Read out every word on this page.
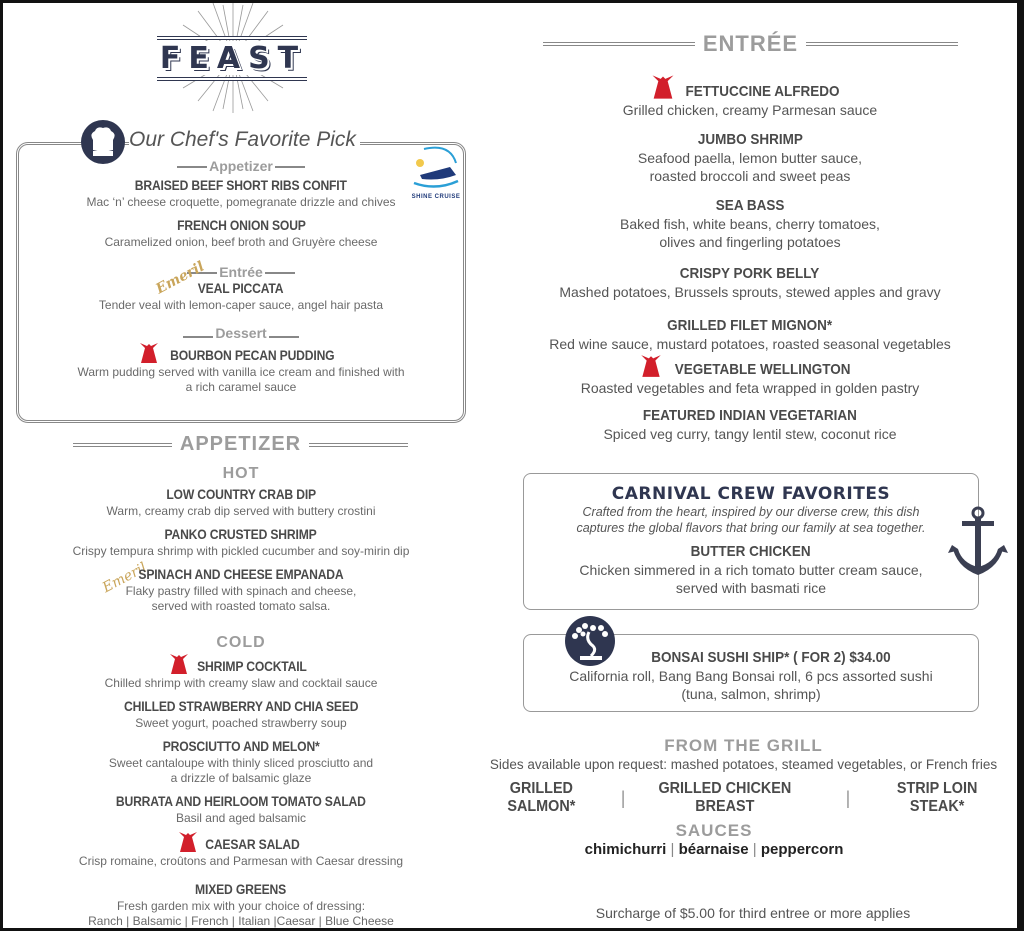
FEAST
Our Chef's Favorite Pick
SHINE CRUISE
Appetizer
BRAISED BEEF SHORT RIBS CONFIT
Mac ‘n’ cheese croquette, pomegranate drizzle and chives
FRENCH ONION SOUP
Caramelized onion, beef broth and Gruyère cheese
Emeril Entrée
VEAL PICCATA
Tender veal with lemon-caper sauce, angel hair pasta
Dessert
BOURBON PECAN PUDDING
Warm pudding served with vanilla ice cream and finished with
a rich caramel sauce
APPETIZER
HOT
LOW COUNTRY CRAB DIP
Warm, creamy crab dip served with buttery crostini
PANKO CRUSTED SHRIMP
Crispy tempura shrimp with pickled cucumber and soy-mirin dip
Emeril
SPINACH AND CHEESE EMPANADA
Flaky pastry filled with spinach and cheese,
served with roasted tomato salsa.
COLD
SHRIMP COCKTAIL
Chilled shrimp with creamy slaw and cocktail sauce
CHILLED STRAWBERRY AND CHIA SEED
Sweet yogurt, poached strawberry soup
PROSCIUTTO AND MELON*
Sweet cantaloupe with thinly sliced prosciutto and
a drizzle of balsamic glaze
BURRATA AND HEIRLOOM TOMATO SALAD
Basil and aged balsamic
CAESAR SALAD
Crisp romaine, croûtons and Parmesan with Caesar dressing
MIXED GREENS
Fresh garden mix with your choice of dressing:
Ranch | Balsamic | French | Italian |Caesar | Blue Cheese
ENTRÉE
FETTUCCINE ALFREDO
Grilled chicken, creamy Parmesan sauce
JUMBO SHRIMP
Seafood paella, lemon butter sauce,
roasted broccoli and sweet peas
SEA BASS
Baked fish, white beans, cherry tomatoes,
olives and fingerling potatoes
CRISPY PORK BELLY
Mashed potatoes, Brussels sprouts, stewed apples and gravy
GRILLED FILET MIGNON*
Red wine sauce, mustard potatoes, roasted seasonal vegetables
VEGETABLE WELLINGTON
Roasted vegetables and feta wrapped in golden pastry
FEATURED INDIAN VEGETARIAN
Spiced veg curry, tangy lentil stew, coconut rice
CARNIVAL CREW FAVORITES
Crafted from the heart, inspired by our diverse crew, this dish
captures the global flavors that bring our family at sea together.
BUTTER CHICKEN
Chicken simmered in a rich tomato butter cream sauce,
served with basmati rice
BONSAI SUSHI SHIP* ( FOR 2) $34.00
California roll, Bang Bang Bonsai roll, 6 pcs assorted sushi
(tuna, salmon, shrimp)
FROM THE GRILL
Sides available upon request: mashed potatoes, steamed vegetables, or French fries
GRILLED SALMON*	|	GRILLED CHICKEN BREAST	|	STRIP LOIN STEAK*
SAUCES
chimichurri | béarnaise | peppercorn
Surcharge of $5.00 for third entree or more applies
